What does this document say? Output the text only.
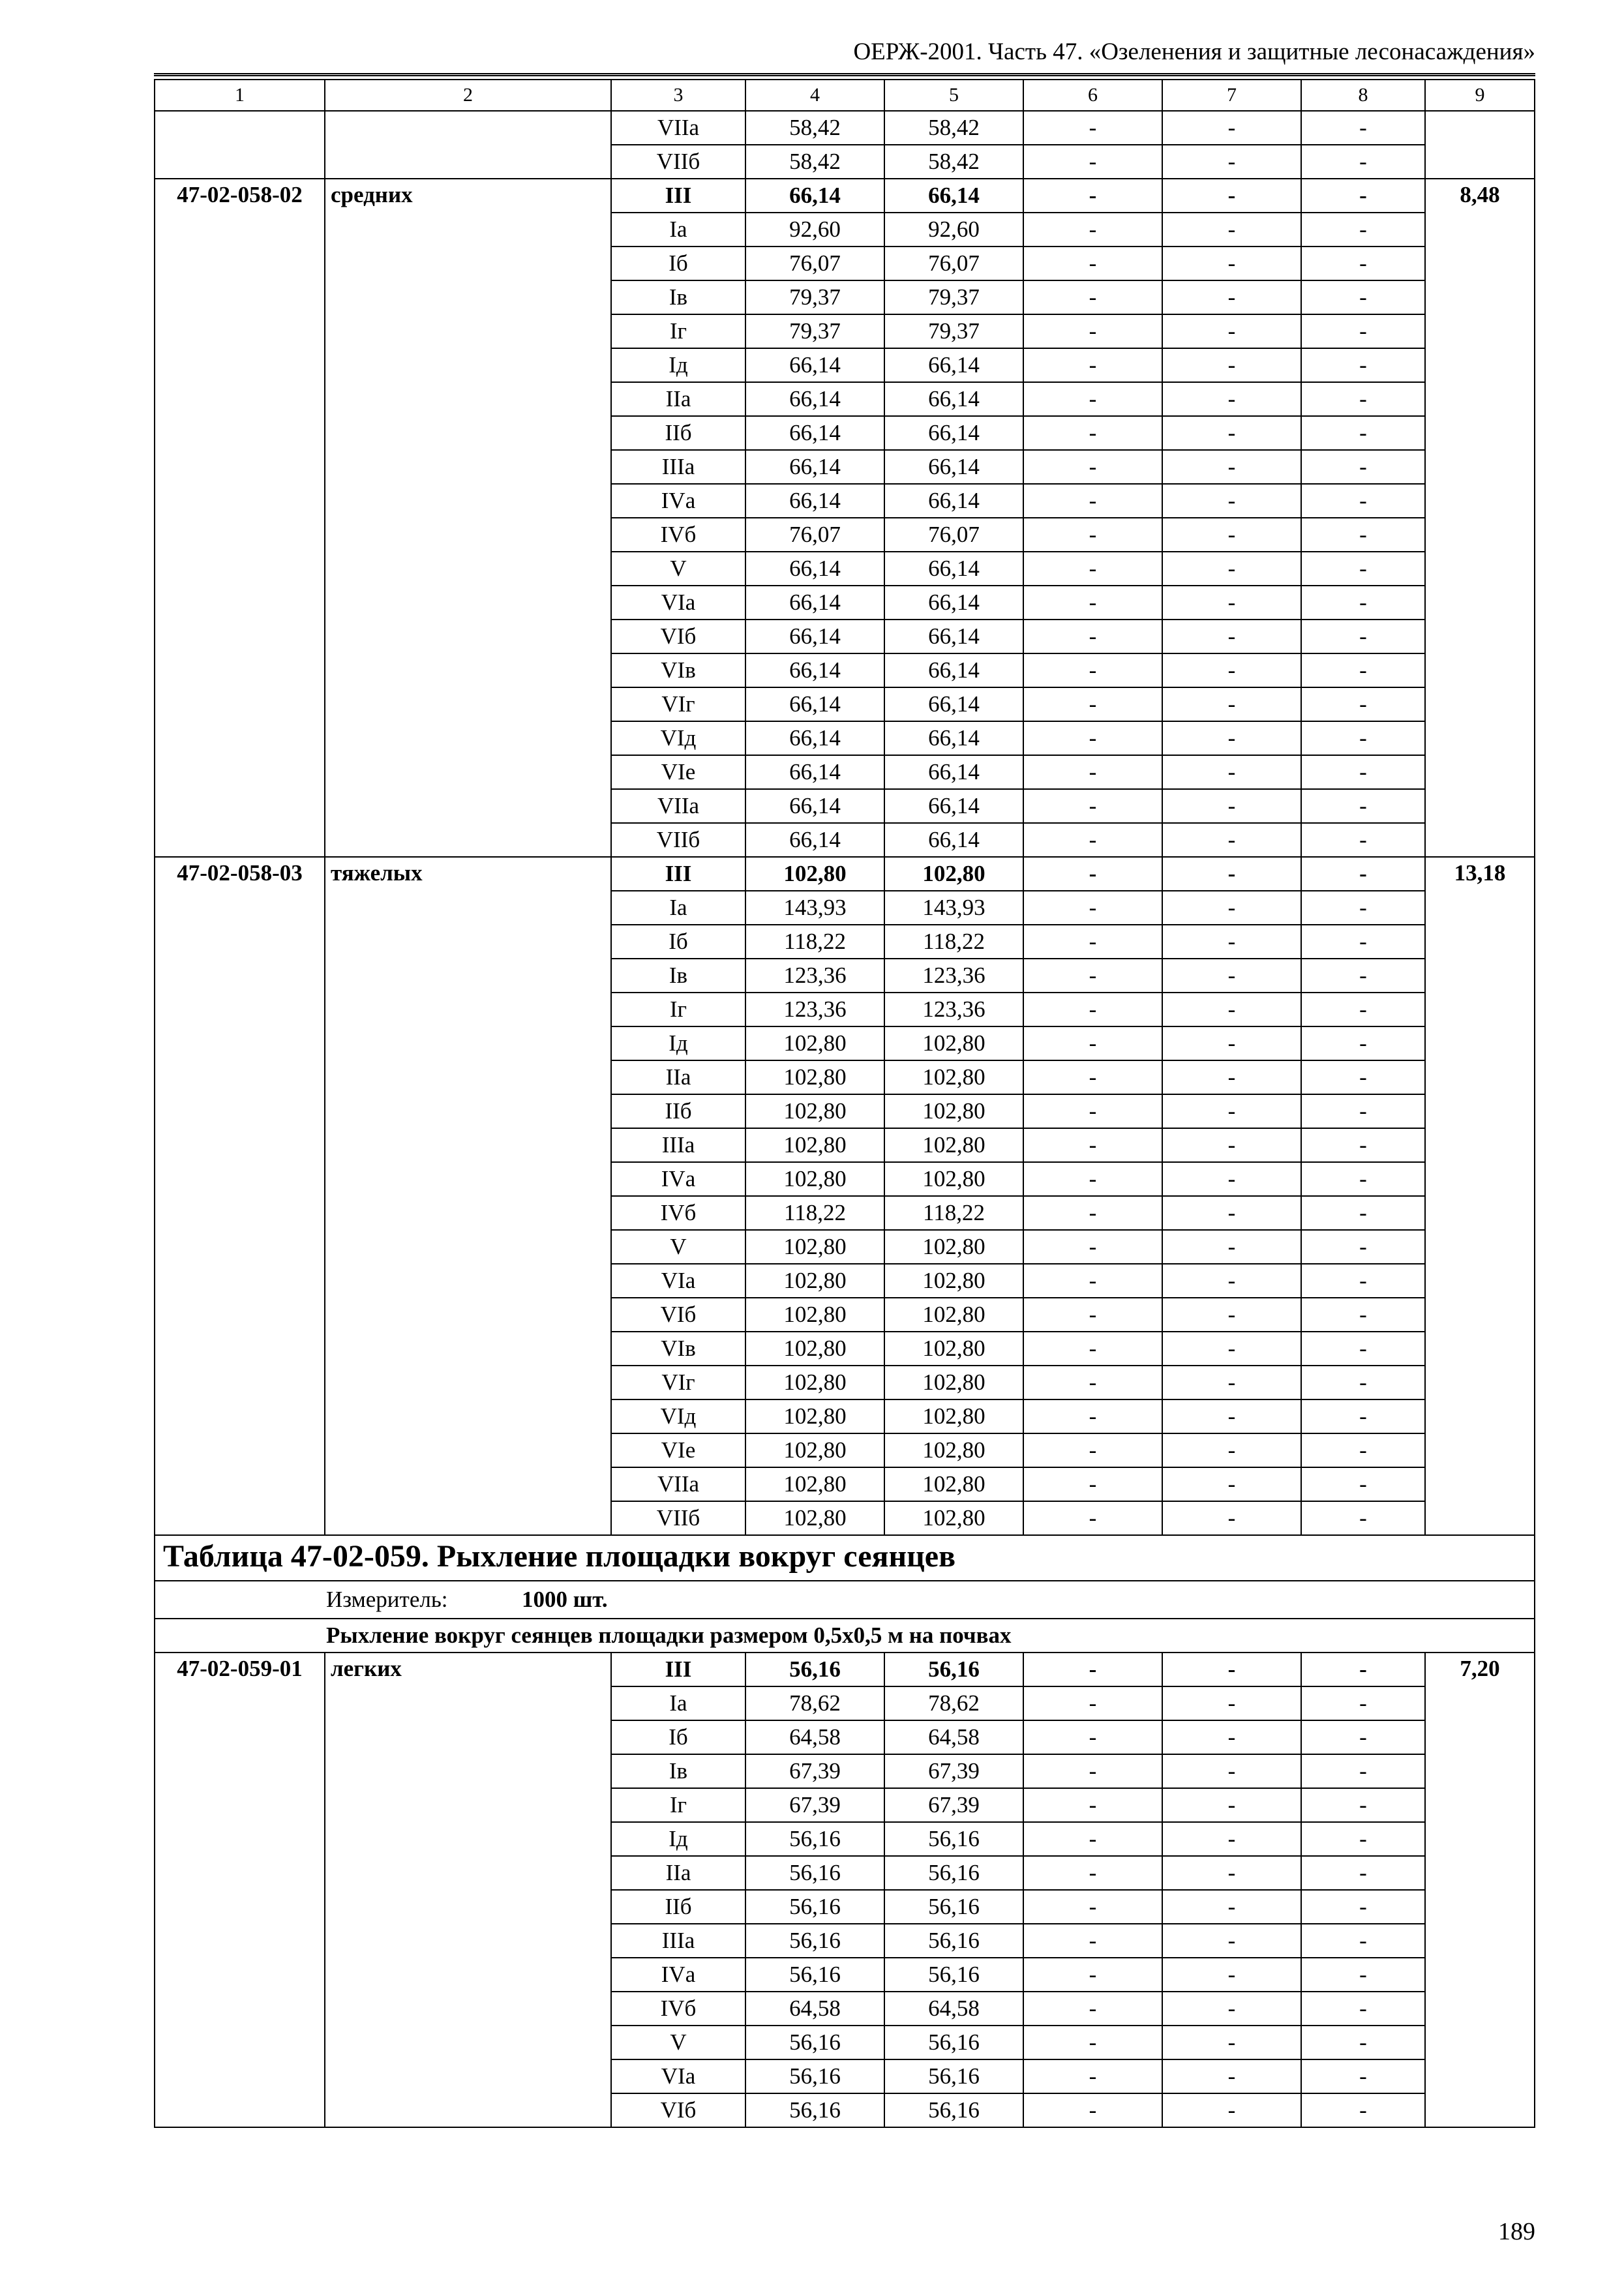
ОЕРЖ-2001. Часть 47. «Озеленения и защитные лесонасаждения»
1	2	3	4	5	6	7	8	9
		VIIа	58,42	58,42	-	-	-	
		VIIб	58,42	58,42	-	-	-	
47-02-058-02	средних	III	66,14	66,14	-	-	-	8,48
		Iа	92,60	92,60	-	-	-	
		Iб	76,07	76,07	-	-	-	
		Iв	79,37	79,37	-	-	-	
		Iг	79,37	79,37	-	-	-	
		Iд	66,14	66,14	-	-	-	
		IIа	66,14	66,14	-	-	-	
		IIб	66,14	66,14	-	-	-	
		IIIа	66,14	66,14	-	-	-	
		IVа	66,14	66,14	-	-	-	
		IVб	76,07	76,07	-	-	-	
		V	66,14	66,14	-	-	-	
		VIа	66,14	66,14	-	-	-	
		VIб	66,14	66,14	-	-	-	
		VIв	66,14	66,14	-	-	-	
		VIг	66,14	66,14	-	-	-	
		VIд	66,14	66,14	-	-	-	
		VIе	66,14	66,14	-	-	-	
		VIIа	66,14	66,14	-	-	-	
		VIIб	66,14	66,14	-	-	-	
47-02-058-03	тяжелых	III	102,80	102,80	-	-	-	13,18
		Iа	143,93	143,93	-	-	-	
		Iб	118,22	118,22	-	-	-	
		Iв	123,36	123,36	-	-	-	
		Iг	123,36	123,36	-	-	-	
		Iд	102,80	102,80	-	-	-	
		IIа	102,80	102,80	-	-	-	
		IIб	102,80	102,80	-	-	-	
		IIIа	102,80	102,80	-	-	-	
		IVа	102,80	102,80	-	-	-	
		IVб	118,22	118,22	-	-	-	
		V	102,80	102,80	-	-	-	
		VIа	102,80	102,80	-	-	-	
		VIб	102,80	102,80	-	-	-	
		VIв	102,80	102,80	-	-	-	
		VIг	102,80	102,80	-	-	-	
		VIд	102,80	102,80	-	-	-	
		VIе	102,80	102,80	-	-	-	
		VIIа	102,80	102,80	-	-	-	
		VIIб	102,80	102,80	-	-	-	
Таблица 47-02-059. Рыхление площадки вокруг сеянцев								
Измеритель: 1000 шт.								
Рыхление вокруг сеянцев площадки размером 0,5х0,5 м на почвах								
47-02-059-01	легких	III	56,16	56,16	-	-	-	7,20
		Iа	78,62	78,62	-	-	-	
		Iб	64,58	64,58	-	-	-	
		Iв	67,39	67,39	-	-	-	
		Iг	67,39	67,39	-	-	-	
		Iд	56,16	56,16	-	-	-	
		IIа	56,16	56,16	-	-	-	
		IIб	56,16	56,16	-	-	-	
		IIIа	56,16	56,16	-	-	-	
		IVа	56,16	56,16	-	-	-	
		IVб	64,58	64,58	-	-	-	
		V	56,16	56,16	-	-	-	
		VIа	56,16	56,16	-	-	-	
		VIб	56,16	56,16	-	-	-	
189
